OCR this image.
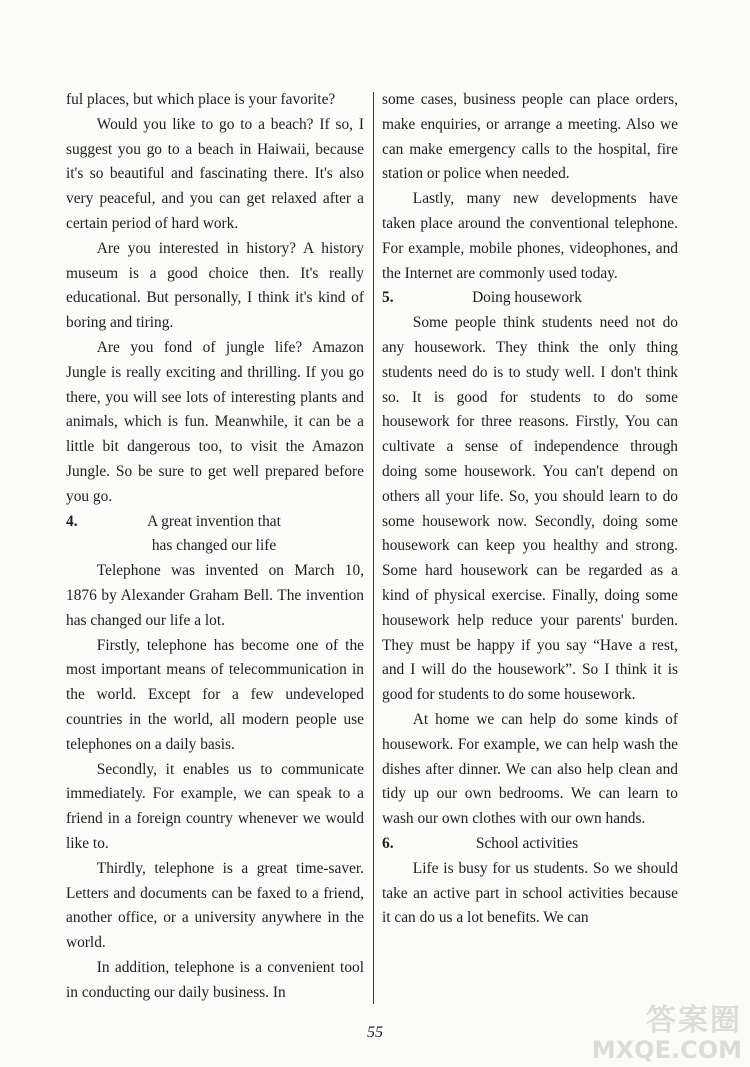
ful places, but which place is your favorite?

Would you like to go to a beach? If so, I suggest you go to a beach in Haiwaii, because it's so beautiful and fascinating there. It's also very peaceful, and you can get relaxed after a certain period of hard work.

Are you interested in history? A history museum is a good choice then. It's really educational. But personally, I think it's kind of boring and tiring.

Are you fond of jungle life? Amazon Jungle is really exciting and thrilling. If you go there, you will see lots of interesting plants and animals, which is fun. Meanwhile, it can be a little bit dangerous too, to visit the Amazon Jungle. So be sure to get well prepared before you go.

4.	A great invention that
has changed our life

Telephone was invented on March 10, 1876 by Alexander Graham Bell. The invention has changed our life a lot.

Firstly, telephone has become one of the most important means of telecommunication in the world. Except for a few undeveloped countries in the world, all modern people use telephones on a daily basis.

Secondly, it enables us to communicate immediately. For example, we can speak to a friend in a foreign country whenever we would like to.

Thirdly, telephone is a great time-saver. Letters and documents can be faxed to a friend, another office, or a university anywhere in the world.

In addition, telephone is a convenient tool in conducting our daily business. In

some cases, business people can place orders, make enquiries, or arrange a meeting. Also we can make emergency calls to the hospital, fire station or police when needed.

Lastly, many new developments have taken place around the conventional telephone. For example, mobile phones, videophones, and the Internet are commonly used today.

5.	Doing housework

Some people think students need not do any housework. They think the only thing students need do is to study well. I don't think so. It is good for students to do some housework for three reasons. Firstly, You can cultivate a sense of independence through doing some housework. You can't depend on others all your life. So, you should learn to do some housework now. Secondly, doing some housework can keep you healthy and strong. Some hard housework can be regarded as a kind of physical exercise. Finally, doing some housework help reduce your parents' burden. They must be happy if you say “Have a rest, and I will do the housework”. So I think it is good for students to do some housework.

At home we can help do some kinds of housework. For example, we can help wash the dishes after dinner. We can also help clean and tidy up our own bedrooms. We can learn to wash our own clothes with our own hands.

6.	School activities

Life is busy for us students. So we should take an active part in school activities because it can do us a lot benefits. We can

55	答案圈
MXQE.COM
